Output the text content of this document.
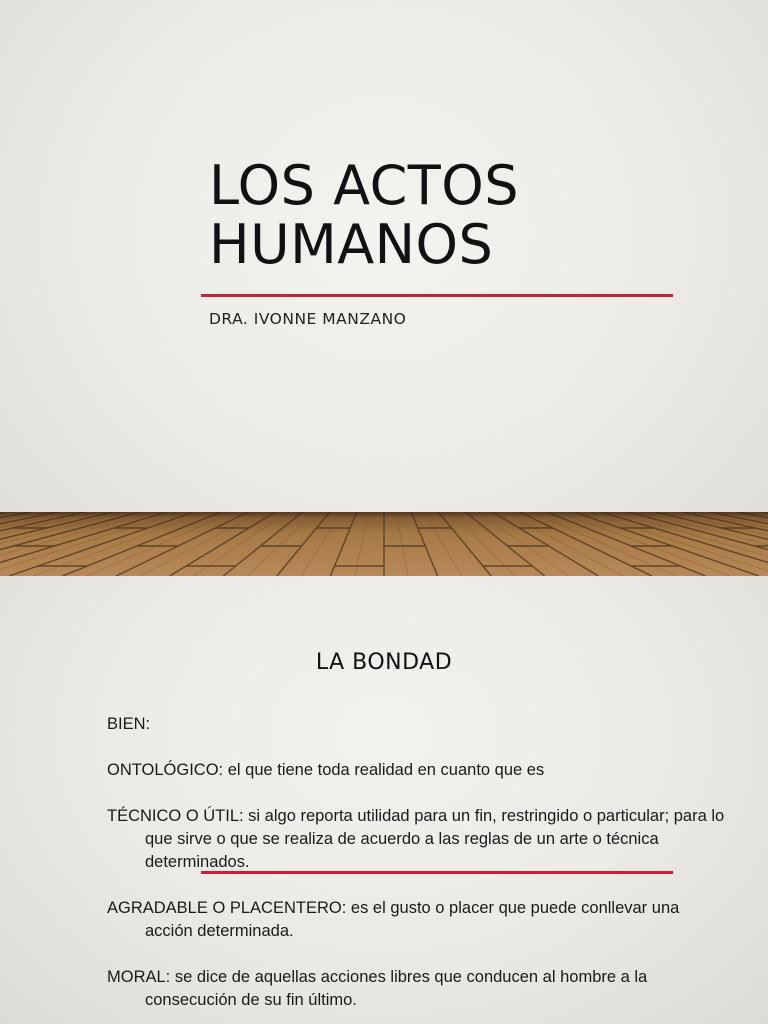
LOS ACTOS
HUMANOS

DRA. IVONNE MANZANO

LA BONDAD

BIEN:

ONTOLÓGICO: el que tiene toda realidad en cuanto que es

TÉCNICO O ÚTIL: si algo reporta utilidad para un fin, restringido o particular; para lo que sirve o que se realiza de acuerdo a las reglas de un arte o técnica determinados.

AGRADABLE O PLACENTERO: es el gusto o placer que puede conllevar una acción determinada.

MORAL: se dice de aquellas acciones libres que conducen al hombre a la consecución de su fin último.
